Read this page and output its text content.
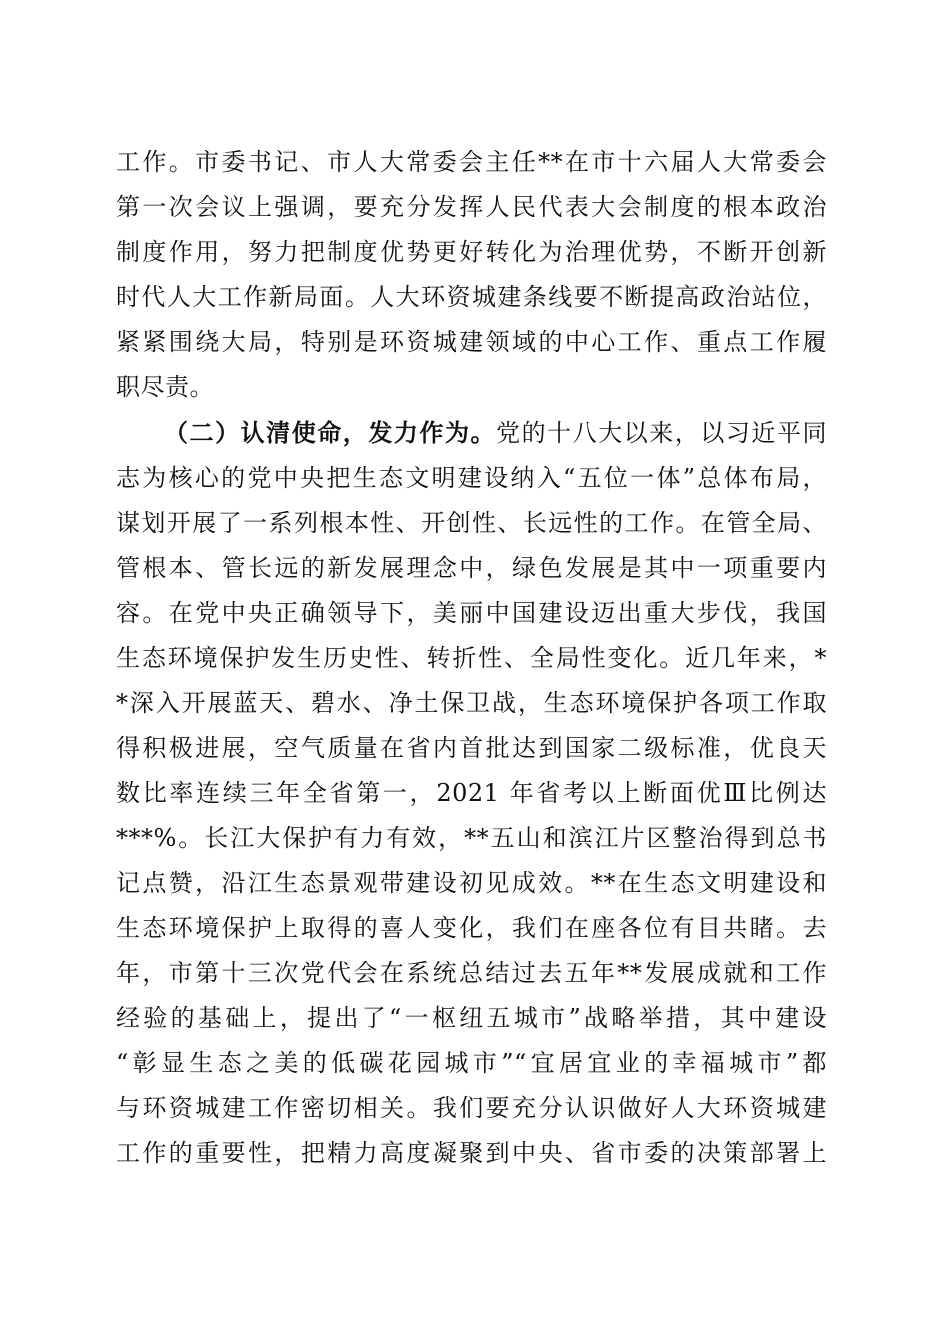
工作。市委书记、市人大常委会主任**在市十六届人大常委会
第一次会议上强调，要充分发挥人民代表大会制度的根本政治
制度作用，努力把制度优势更好转化为治理优势，不断开创新
时代人大工作新局面。人大环资城建条线要不断提高政治站位，
紧紧围绕大局，特别是环资城建领域的中心工作、重点工作履
职尽责。
（二）认清使命，发力作为。党的十八大以来，以习近平同
志为核心的党中央把生态文明建设纳入“五位一体”总体布局，
谋划开展了一系列根本性、开创性、长远性的工作。在管全局、
管根本、管长远的新发展理念中，绿色发展是其中一项重要内
容。在党中央正确领导下，美丽中国建设迈出重大步伐，我国
生态环境保护发生历史性、转折性、全局性变化。近几年来，*
*深入开展蓝天、碧水、净土保卫战，生态环境保护各项工作取
得积极进展，空气质量在省内首批达到国家二级标准，优良天
数比率连续三年全省第一，2021 年省考以上断面优Ⅲ比例达
***%。长江大保护有力有效，**五山和滨江片区整治得到总书
记点赞，沿江生态景观带建设初见成效。**在生态文明建设和
生态环境保护上取得的喜人变化，我们在座各位有目共睹。去
年，市第十三次党代会在系统总结过去五年**发展成就和工作
经验的基础上，提出了“一枢纽五城市”战略举措，其中建设
“彰显生态之美的低碳花园城市”“宜居宜业的幸福城市”都
与环资城建工作密切相关。我们要充分认识做好人大环资城建
工作的重要性，把精力高度凝聚到中央、省市委的决策部署上
